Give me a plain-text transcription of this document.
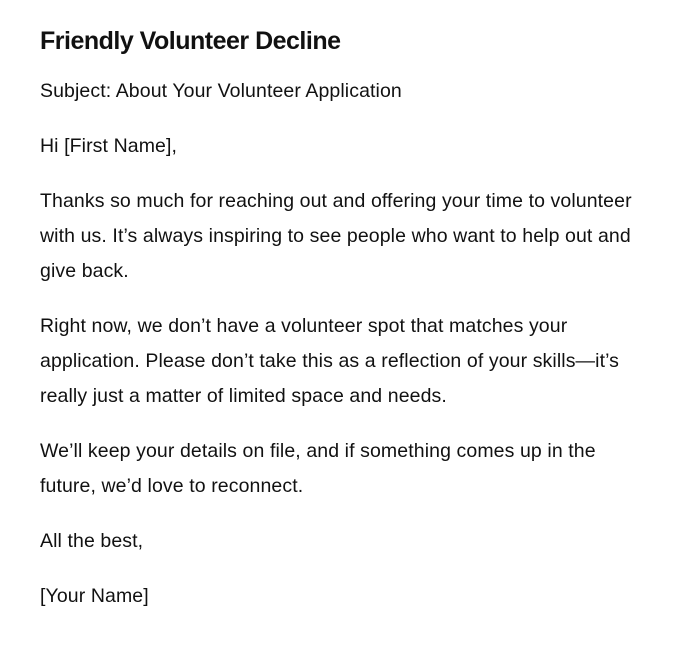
Friendly Volunteer Decline

Subject: About Your Volunteer Application

Hi [First Name],

Thanks so much for reaching out and offering your time to volunteer with us. It’s always inspiring to see people who want to help out and give back.

Right now, we don’t have a volunteer spot that matches your application. Please don’t take this as a reflection of your skills—it’s really just a matter of limited space and needs.

We’ll keep your details on file, and if something comes up in the future, we’d love to reconnect.

All the best,

[Your Name]
